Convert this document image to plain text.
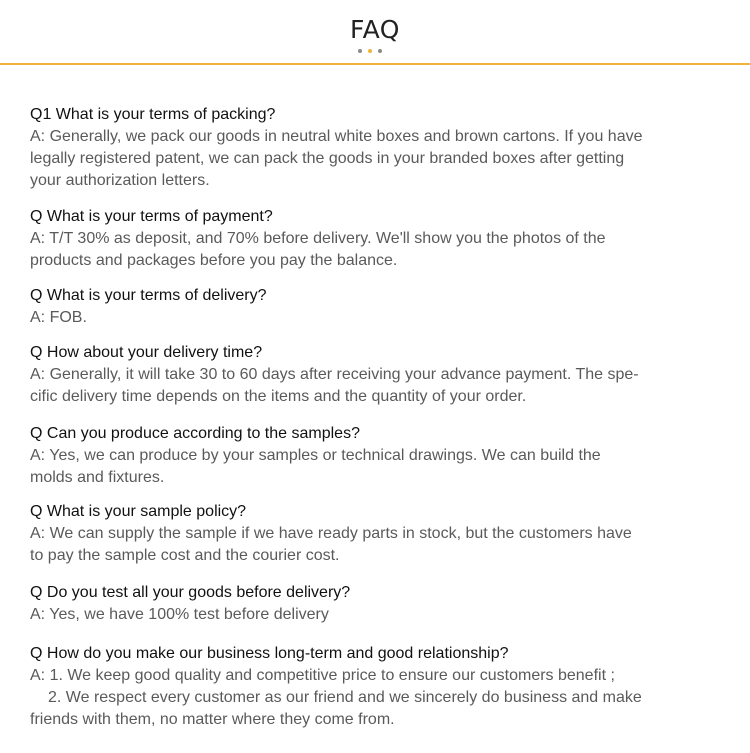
FAQ
Q1 What is your terms of packing?
A: Generally, we pack our goods in neutral white boxes and brown cartons. If you have
legally registered patent, we can pack the goods in your branded boxes after getting
your authorization letters.
Q What is your terms of payment?
A: T/T 30% as deposit, and 70% before delivery. We'll show you the photos of the
products and packages before you pay the balance.
Q What is your terms of delivery?
A: FOB.
Q How about your delivery time?
A: Generally, it will take 30 to 60 days after receiving your advance payment. The spe-
cific delivery time depends on the items and the quantity of your order.
Q Can you produce according to the samples?
A: Yes, we can produce by your samples or technical drawings. We can build the
molds and fixtures.
Q What is your sample policy?
A: We can supply the sample if we have ready parts in stock, but the customers have
to pay the sample cost and the courier cost.
Q Do you test all your goods before delivery?
A: Yes, we have 100% test before delivery
Q How do you make our business long-term and good relationship?
A: 1. We keep good quality and competitive price to ensure our customers benefit ;
2. We respect every customer as our friend and we sincerely do business and make
friends with them, no matter where they come from.
